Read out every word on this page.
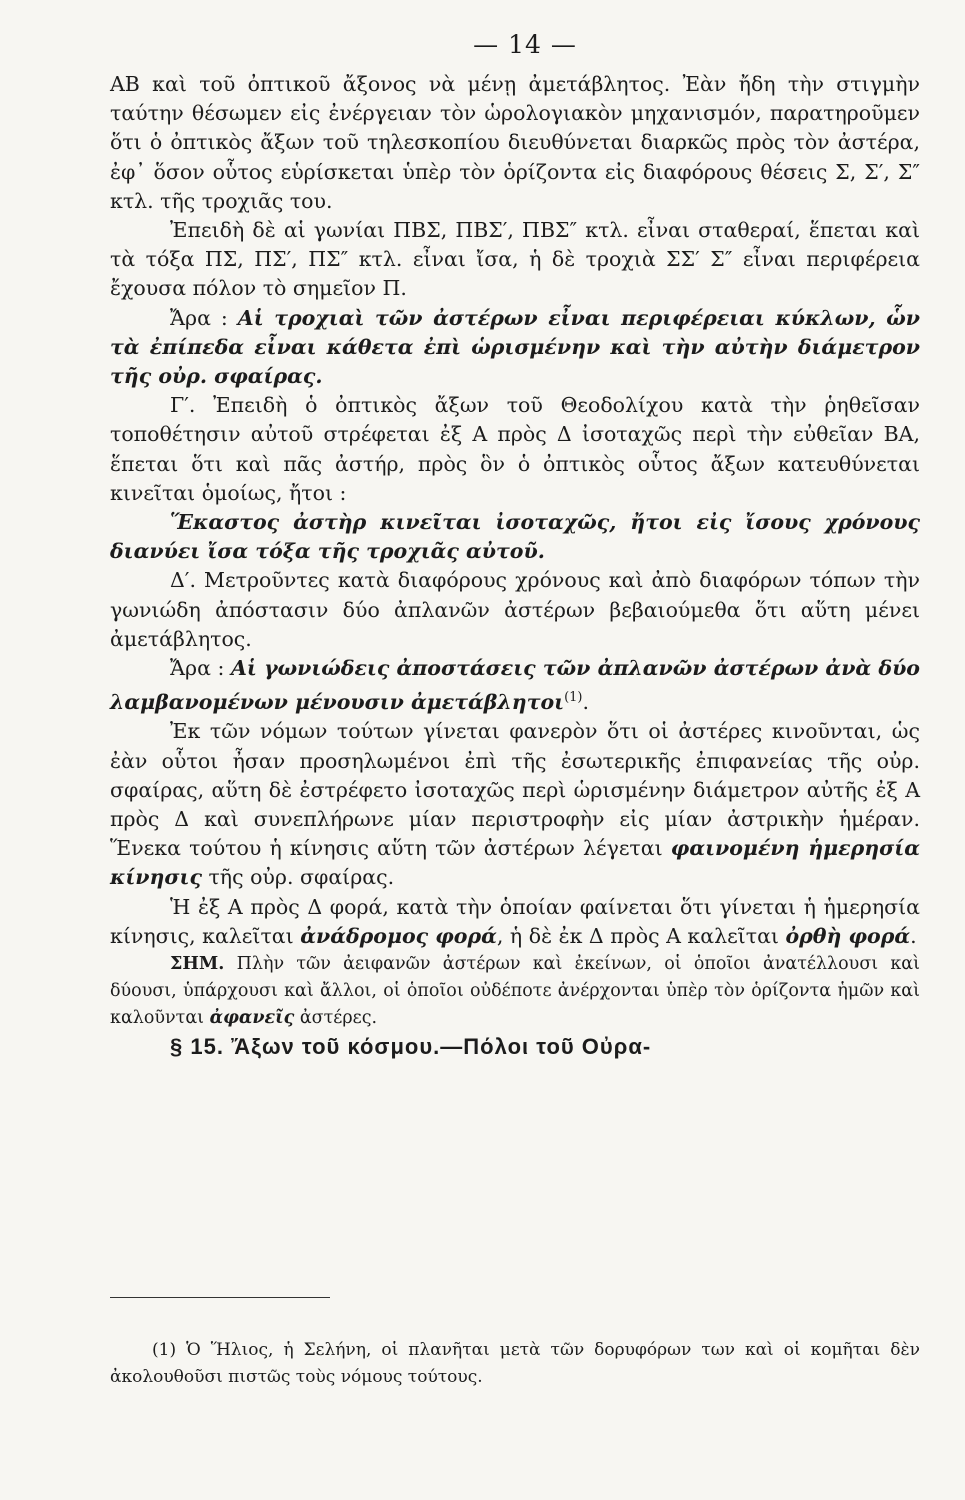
— 14 —

ΑΒ καὶ τοῦ ὀπτικοῦ ἄξονος νὰ μένῃ ἀμετάβλητος. Ἐὰν ἤδη τὴν στιγμὴν ταύτην θέσωμεν εἰς ἐνέργειαν τὸν ὡρολογιακὸν μηχανισμόν, παρατηροῦμεν ὅτι ὁ ὀπτικὸς ἄξων τοῦ τηλεσκοπίου διευθύνεται διαρκῶς πρὸς τὸν ἀστέρα, ἐφ᾽ ὅσον οὗτος εὑρίσκεται ὑπὲρ τὸν ὁρίζοντα εἰς διαφόρους θέσεις Σ, Σ′, Σ″ κτλ. τῆς τροχιᾶς του.

Ἐπειδὴ δὲ αἱ γωνίαι ΠΒΣ, ΠΒΣ′, ΠΒΣ″ κτλ. εἶναι σταθεραί, ἕπεται καὶ τὰ τόξα ΠΣ, ΠΣ′, ΠΣ″ κτλ. εἶναι ἴσα, ἡ δὲ τροχιὰ ΣΣ′ Σ″ εἶναι περιφέρεια ἔχουσα πόλον τὸ σημεῖον Π.

Ἄρα : Αἱ τροχιαὶ τῶν ἀστέρων εἶναι περιφέρειαι κύκλων, ὧν τὰ ἐπίπεδα εἶναι κάθετα ἐπὶ ὡρισμένην καὶ τὴν αὐτὴν διάμετρον τῆς οὐρ. σφαίρας.

Γ′. Ἐπειδὴ ὁ ὀπτικὸς ἄξων τοῦ Θεοδολίχου κατὰ τὴν ῥηθεῖσαν τοποθέτησιν αὐτοῦ στρέφεται ἐξ Α πρὸς Δ ἰσοταχῶς περὶ τὴν εὐθεῖαν ΒΑ, ἕπεται ὅτι καὶ πᾶς ἀστήρ, πρὸς ὃν ὁ ὀπτικὸς οὗτος ἄξων κατευθύνεται κινεῖται ὁμοίως, ἤτοι :

Ἕκαστος ἀστὴρ κινεῖται ἰσοταχῶς, ἤτοι εἰς ἴσους χρόνους διανύει ἴσα τόξα τῆς τροχιᾶς αὐτοῦ.

Δ′. Μετροῦντες κατὰ διαφόρους χρόνους καὶ ἀπὸ διαφόρων τόπων τὴν γωνιώδη ἀπόστασιν δύο ἀπλανῶν ἀστέρων βεβαιούμεθα ὅτι αὕτη μένει ἀμετάβλητος.

Ἄρα : Αἱ γωνιώδεις ἀποστάσεις τῶν ἀπλανῶν ἀστέρων ἀνὰ δύο λαμβανομένων μένουσιν ἀμετάβλητοι$^{(1)}$.

Ἐκ τῶν νόμων τούτων γίνεται φανερὸν ὅτι οἱ ἀστέρες κινοῦνται, ὡς ἐὰν οὗτοι ἦσαν προσηλωμένοι ἐπὶ τῆς ἐσωτερικῆς ἐπιφανείας τῆς οὐρ. σφαίρας, αὕτη δὲ ἐστρέφετο ἰσοταχῶς περὶ ὡρισμένην διάμετρον αὐτῆς ἐξ Α πρὸς Δ καὶ συνεπλήρωνε μίαν περιστροφὴν εἰς μίαν ἀστρικὴν ἡμέραν. Ἕνεκα τούτου ἡ κίνησις αὕτη τῶν ἀστέρων λέγεται φαινομένη ἡμερησία κίνησις τῆς οὐρ. σφαίρας.

Ἡ ἐξ Α πρὸς Δ φορά, κατὰ τὴν ὁποίαν φαίνεται ὅτι γίνεται ἡ ἡμερησία κίνησις, καλεῖται ἀνάδρομος φορά, ἡ δὲ ἐκ Δ πρὸς Α καλεῖται ὀρθὴ φορά.

ΣΗΜ. Πλὴν τῶν ἀειφανῶν ἀστέρων καὶ ἐκείνων, οἱ ὁποῖοι ἀνατέλλουσι καὶ δύουσι, ὑπάρχουσι καὶ ἄλλοι, οἱ ὁποῖοι οὐδέποτε ἀνέρχονται ὑπὲρ τὸν ὁρίζοντα ἡμῶν καὶ καλοῦνται ἀφανεῖς ἀστέρες.

§ 15. Ἄξων τοῦ κόσμου.—Πόλοι τοῦ Οὐρα-

(1) Ὁ Ἥλιος, ἡ Σελήνη, οἱ πλανῆται μετὰ τῶν δορυφόρων των καὶ οἱ κομῆται δὲν ἀκολουθοῦσι πιστῶς τοὺς νόμους τούτους.
